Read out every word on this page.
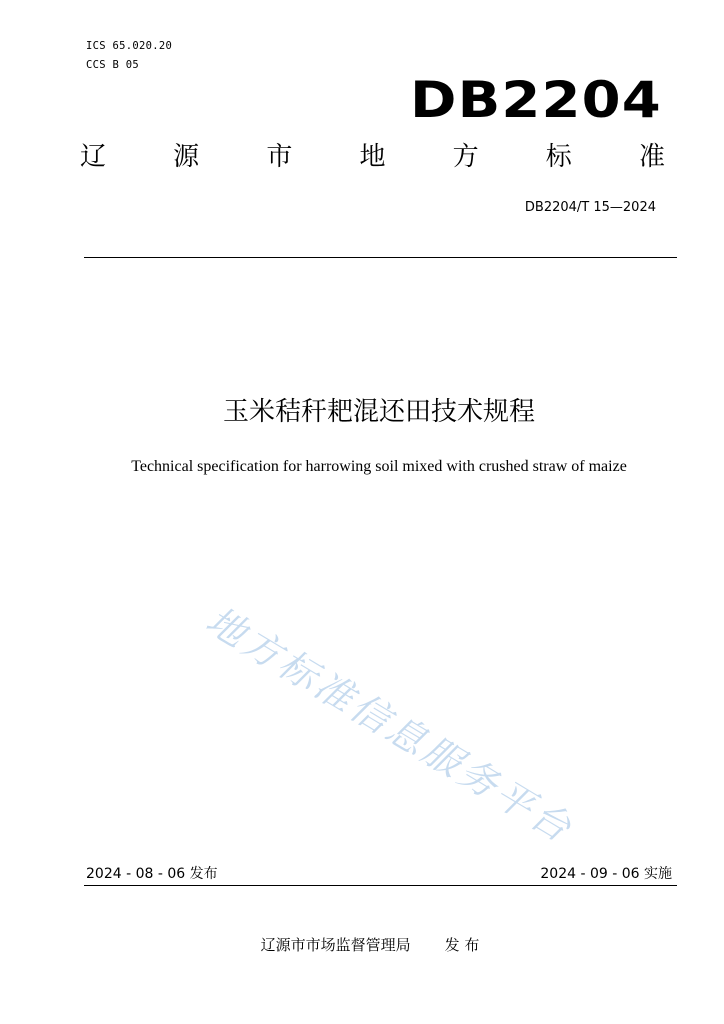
ICS 65.020.20
CCS B 05
DB2204
辽	源	市	地	方	标	准
DB2204/T 15—2024
玉米秸秆耙混还田技术规程
Technical specification for harrowing soil mixed with crushed straw of maize
地方标准信息服务平台
2024 - 08 - 06 发布	2024 - 09 - 06 实施
辽源市市场监督管理局 发 布
